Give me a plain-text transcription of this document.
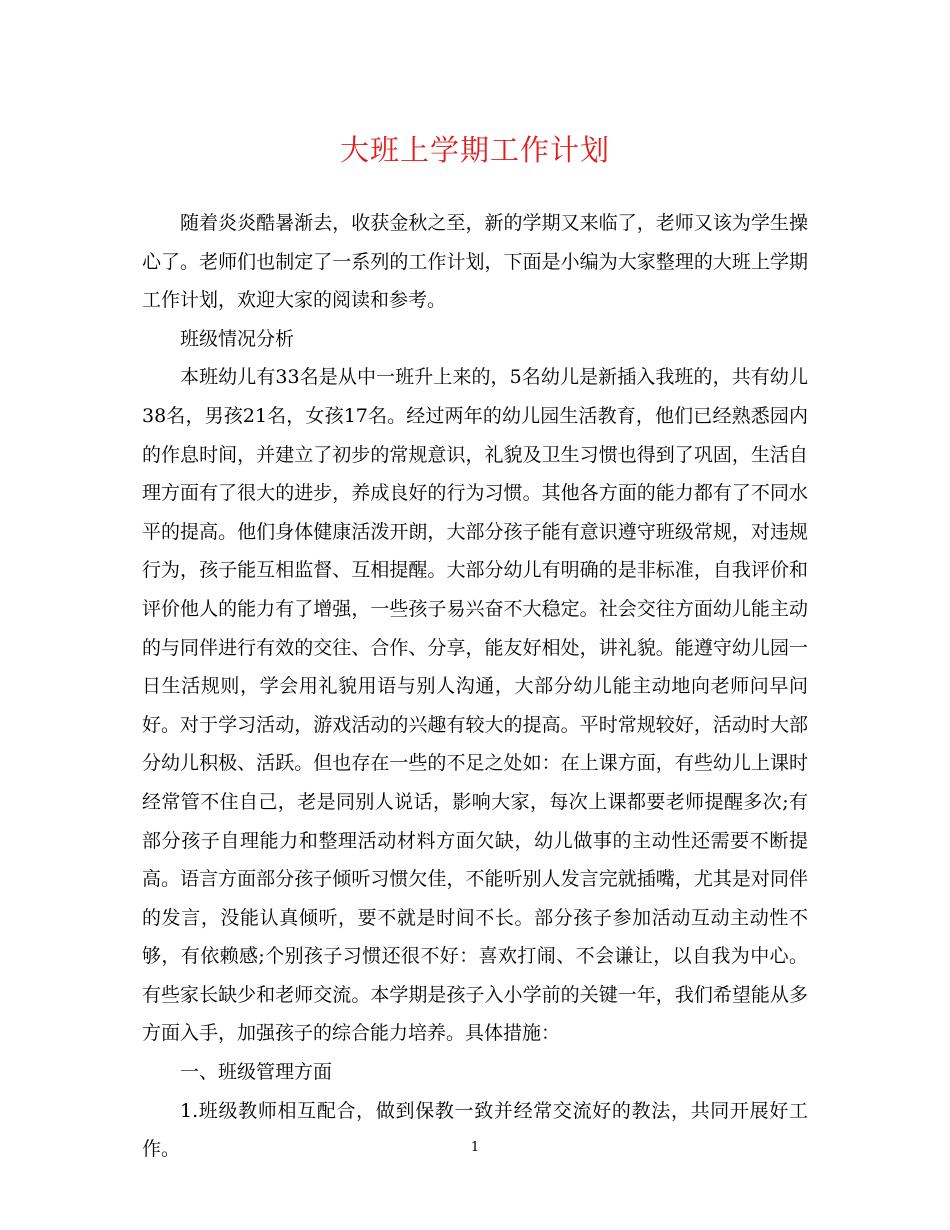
大班上学期工作计划

随着炎炎酷暑渐去，收获金秋之至，新的学期又来临了，老师又该为学生操心了。老师们也制定了一系列的工作计划，下面是小编为大家整理的大班上学期工作计划，欢迎大家的阅读和参考。

班级情况分析

本班幼儿有33名是从中一班升上来的，5名幼儿是新插入我班的，共有幼儿38名，男孩21名，女孩17名。经过两年的幼儿园生活教育，他们已经熟悉园内的作息时间，并建立了初步的常规意识，礼貌及卫生习惯也得到了巩固，生活自理方面有了很大的进步，养成良好的行为习惯。其他各方面的能力都有了不同水平的提高。他们身体健康活泼开朗，大部分孩子能有意识遵守班级常规，对违规行为，孩子能互相监督、互相提醒。大部分幼儿有明确的是非标准，自我评价和评价他人的能力有了增强，一些孩子易兴奋不大稳定。社会交往方面幼儿能主动的与同伴进行有效的交往、合作、分享，能友好相处，讲礼貌。能遵守幼儿园一日生活规则，学会用礼貌用语与别人沟通，大部分幼儿能主动地向老师问早问好。对于学习活动，游戏活动的兴趣有较大的提高。平时常规较好，活动时大部分幼儿积极、活跃。但也存在一些的不足之处如：在上课方面，有些幼儿上课时经常管不住自己，老是同别人说话，影响大家，每次上课都要老师提醒多次;有部分孩子自理能力和整理活动材料方面欠缺，幼儿做事的主动性还需要不断提高。语言方面部分孩子倾听习惯欠佳，不能听别人发言完就插嘴，尤其是对同伴的发言，没能认真倾听，要不就是时间不长。部分孩子参加活动互动主动性不够，有依赖感;个别孩子习惯还很不好：喜欢打闹、不会谦让，以自我为中心。有些家长缺少和老师交流。本学期是孩子入小学前的关键一年，我们希望能从多方面入手，加强孩子的综合能力培养。具体措施：

一、班级管理方面

1.班级教师相互配合，做到保教一致并经常交流好的教法，共同开展好工作。	1
